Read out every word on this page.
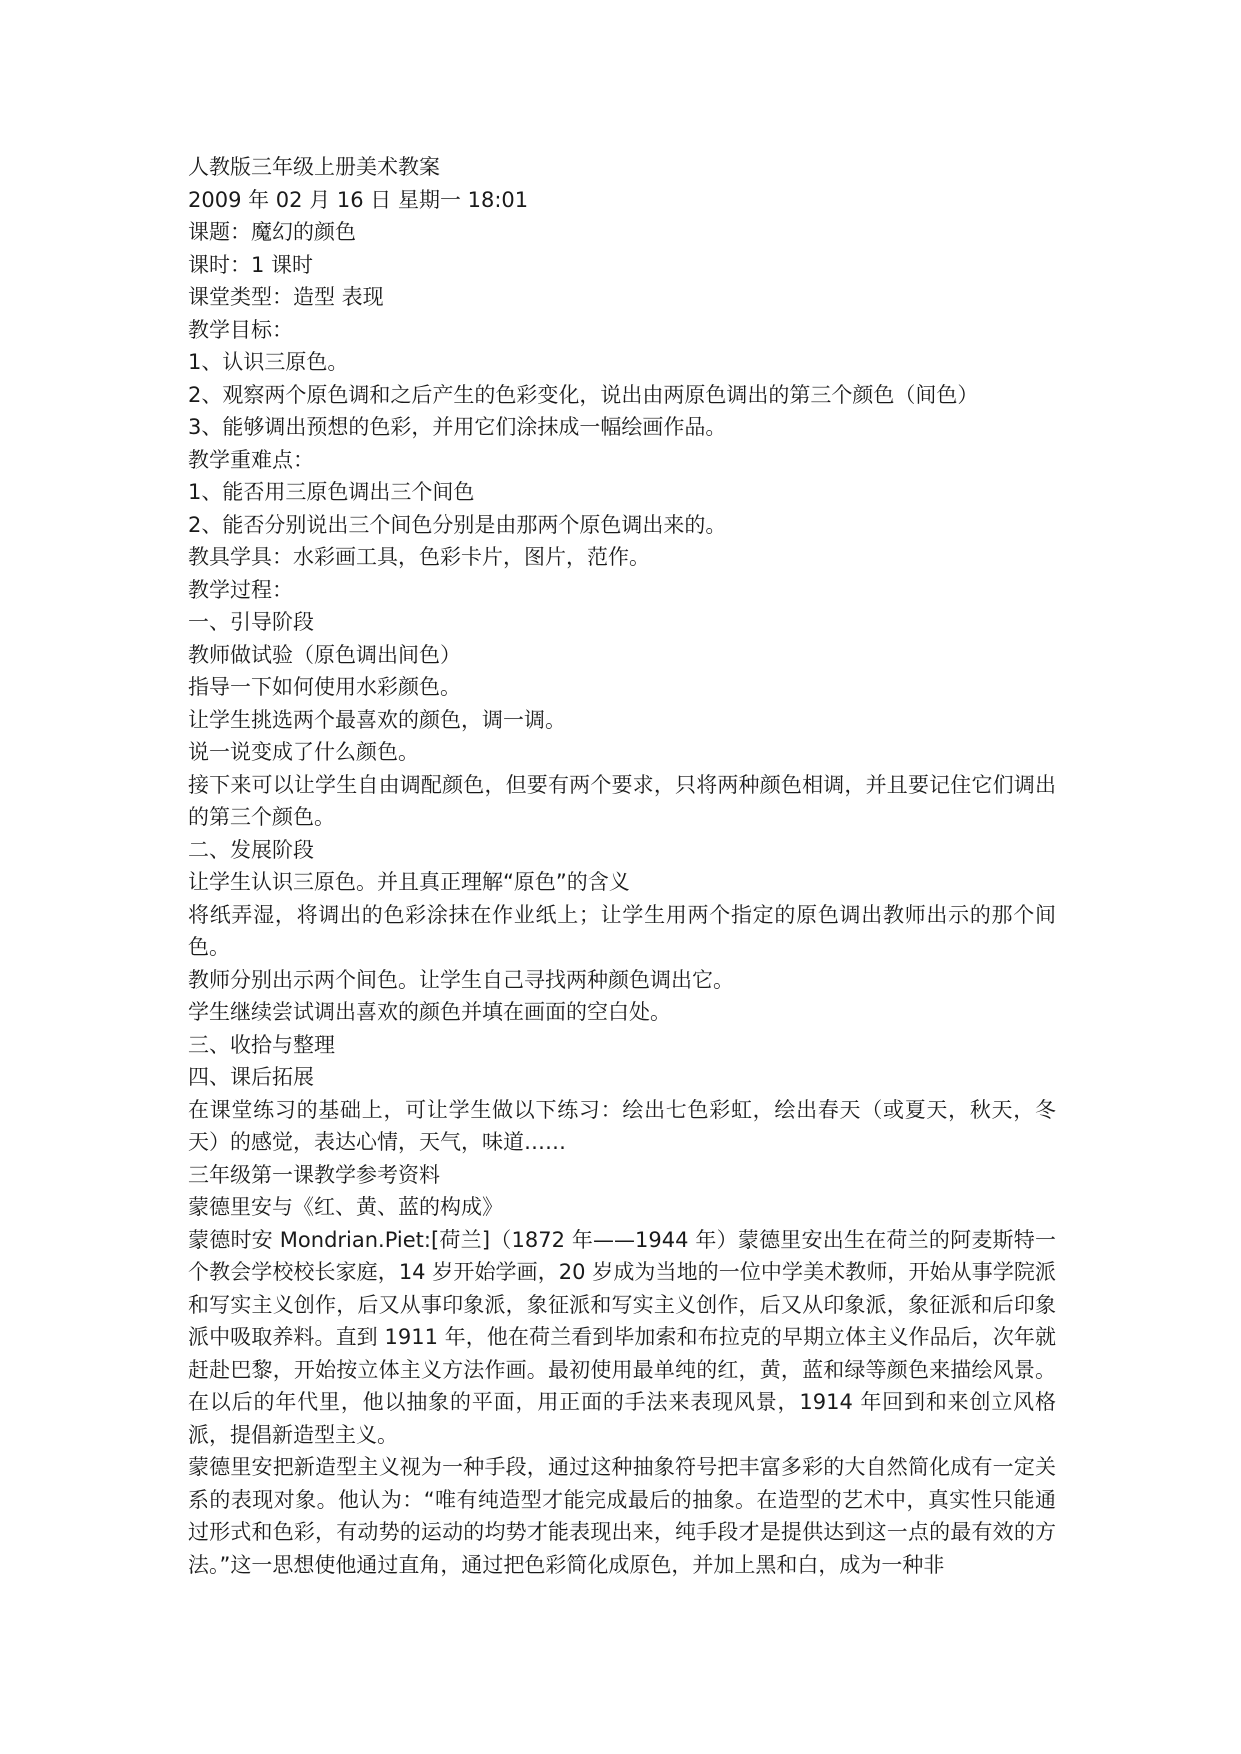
人教版三年级上册美术教案

2009 年 02 月 16 日 星期一 18:01

课题：魔幻的颜色

课时：1 课时

课堂类型：造型 表现

教学目标：

1、认识三原色。

2、观察两个原色调和之后产生的色彩变化，说出由两原色调出的第三个颜色（间色）

3、能够调出预想的色彩，并用它们涂抹成一幅绘画作品。

教学重难点：

1、能否用三原色调出三个间色

2、能否分别说出三个间色分别是由那两个原色调出来的。

教具学具：水彩画工具，色彩卡片，图片，范作。

教学过程：

一、引导阶段

教师做试验（原色调出间色）

指导一下如何使用水彩颜色。

让学生挑选两个最喜欢的颜色，调一调。

说一说变成了什么颜色。

接下来可以让学生自由调配颜色，但要有两个要求，只将两种颜色相调，并且要记住它们调出的第三个颜色。

二、发展阶段

让学生认识三原色。并且真正理解“原色”的含义

将纸弄湿，将调出的色彩涂抹在作业纸上；让学生用两个指定的原色调出教师出示的那个间色。

教师分别出示两个间色。让学生自己寻找两种颜色调出它。

学生继续尝试调出喜欢的颜色并填在画面的空白处。

三、收拾与整理

四、课后拓展

在课堂练习的基础上，可让学生做以下练习：绘出七色彩虹，绘出春天（或夏天，秋天，冬天）的感觉，表达心情，天气，味道……

三年级第一课教学参考资料

蒙德里安与《红、黄、蓝的构成》

蒙德时安 Mondrian.Piet:[荷兰]（1872 年——1944 年）蒙德里安出生在荷兰的阿麦斯特一个教会学校校长家庭，14 岁开始学画，20 岁成为当地的一位中学美术教师，开始从事学院派和写实主义创作，后又从事印象派，象征派和写实主义创作，后又从印象派，象征派和后印象派中吸取养料。直到 1911 年，他在荷兰看到毕加索和布拉克的早期立体主义作品后，次年就赶赴巴黎，开始按立体主义方法作画。最初使用最单纯的红，黄，蓝和绿等颜色来描绘风景。在以后的年代里，他以抽象的平面，用正面的手法来表现风景，1914 年回到和来创立风格派，提倡新造型主义。

蒙德里安把新造型主义视为一种手段，通过这种抽象符号把丰富多彩的大自然简化成有一定关系的表现对象。他认为：“唯有纯造型才能完成最后的抽象。在造型的艺术中，真实性只能通过形式和色彩，有动势的运动的均势才能表现出来，纯手段才是提供达到这一点的最有效的方法。”这一思想使他通过直角，通过把色彩简化成原色，并加上黑和白，成为一种非
